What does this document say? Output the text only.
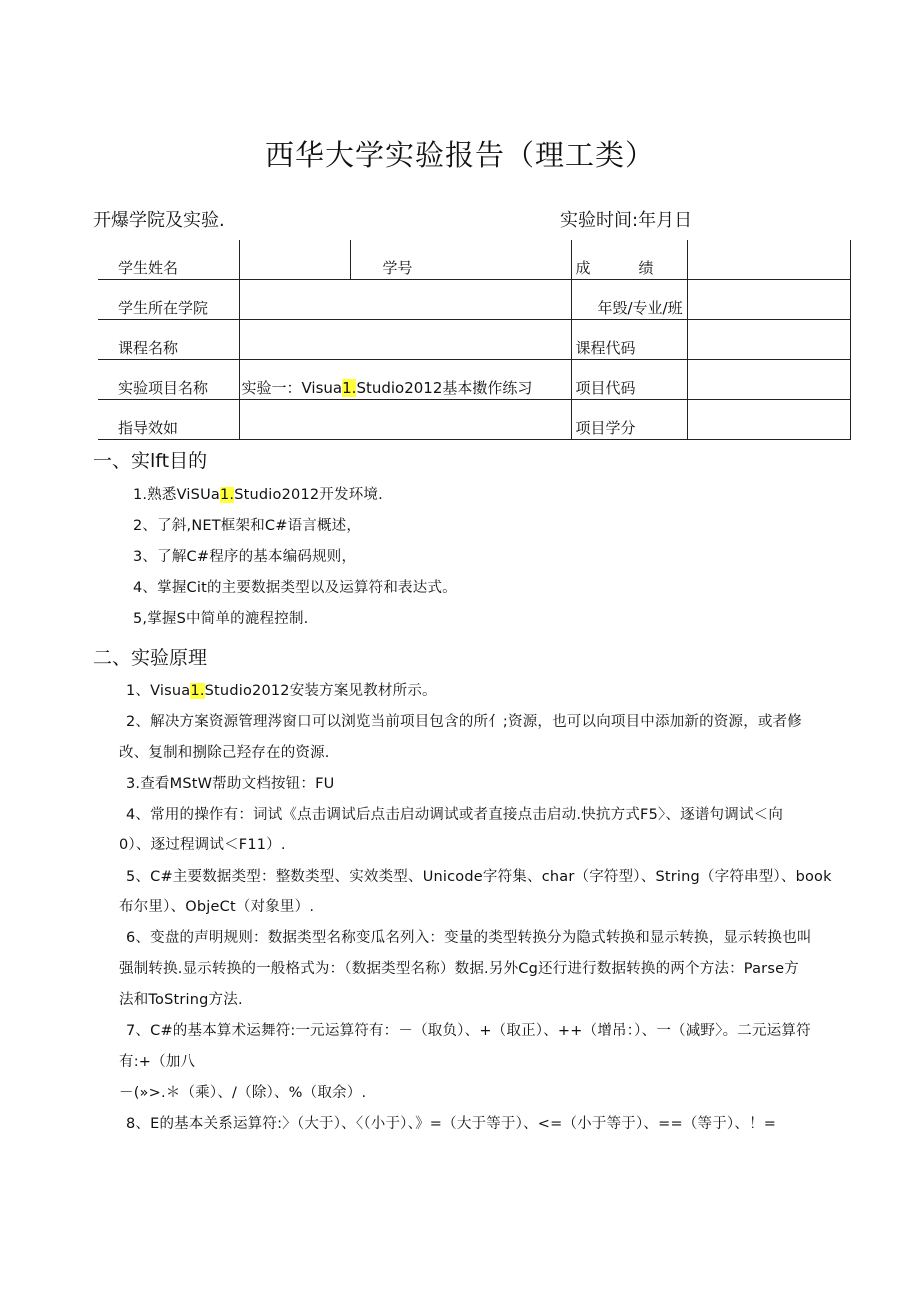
西华大学实验报告（理工类）
开爆学院及实验.	实验时间:年月日
学生姓名		学号	成 绩	
学生所在学院			年毁/专业/班	
课程名称			课程代码	
实验项目名称	实验一：Visua1.Studio2012基本擞作练习		项目代码	
指导效如			项目学分	
一、实lft目的
1.熟悉ViSUa1.Studio2012开发环境.
2、了斜,NET框架和C#语言概述，
3、了解C#程序的基本编码规则，
4、掌握Cit的主要数据类型以及运算符和表达式。
5,掌握S中简单的漉程控制.
二、实验原理
1、Visua1.Studio2012安装方案见教材所示。
2、解决方案资源管理涔窗口可以浏览当前项目包含的所亻;资源，也可以向项目中添加新的资源，或者修
改、复制和捌除己羟存在的资源.
3.查看MStW帮助文档按钮：FU
4、常用的操作有：词试《点击调试后点击启动调试或者直接点击启动.快抗方式F5〉、逐谱句调试＜向
0）、逐过程调试＜F11）.
5、C#主要数据类型：整数类型、实效类型、Unicode字符集、char（字符型）、String（字符串型）、book
布尔里）、ObjeCt（对象里）.
6、变盘的声明规则：数据类型名称变瓜名列入：变量的类型转换分为隐式转换和显示转换，显示转换也叫
强制转换.显示转换的一般格式为：（数据类型名称）数据.另外Cg还行进行数据转换的两个方法：Parse方
法和ToString方法.
7、C#的基本算术运舞符:一元运算符有：－（取负）、+（取正）、++（增吊：）、一（减野〉。二元运算符
有:+（加八
－(»>.＊（乘）、/（除）、%（取余）.
8、E的基本关系运算符:〉（大于）、〈（小于）、》=（大于等于）、<=（小于等于）、==（等于）、！=
